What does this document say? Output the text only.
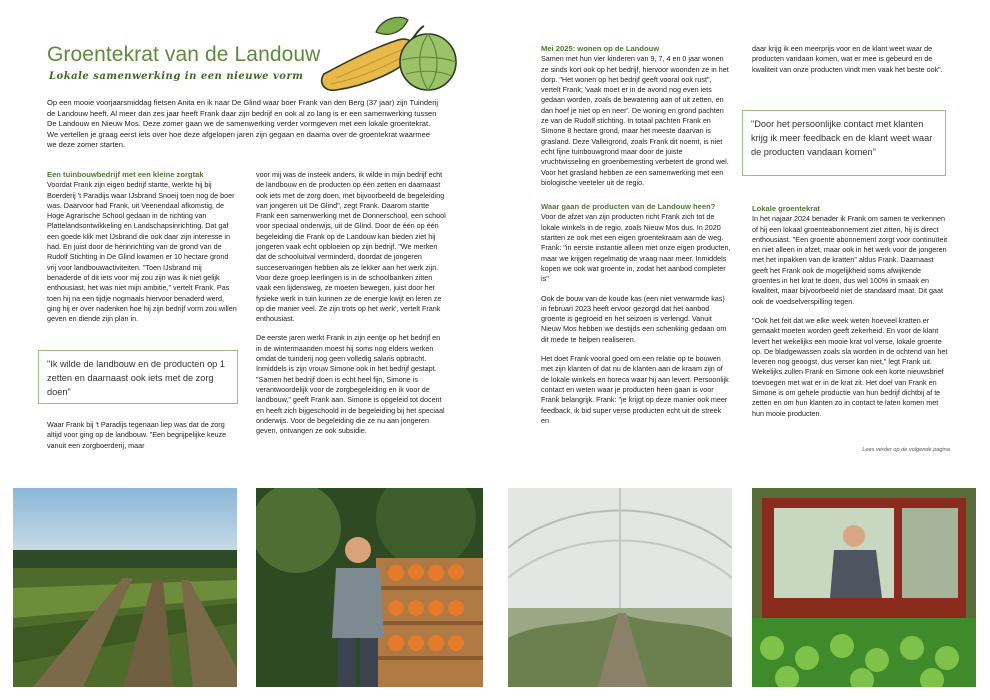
Groentekrat van de Landouw
Lokale samenwerking in een nieuwe vorm
Op een mooie voorjaarsmiddag fietsen Anita en ik naar De Glind waar boer Frank van den Berg (37 jaar) zijn Tuinderij de Landouw heeft. Al meer dan zes jaar heeft Frank daar zijn bedrijf en ook al zo lang is er een samenwerking tussen De Landouw en Nieuw Mos. Deze zomer gaan we de samenwerking verder vormgeven met een lokale groentekrat. We vertellen je graag eerst iets over hoe deze afgelopen jaren zijn gegaan en daarna over de groentekrat waarmee we deze zomer starten.
Een tuinbouwbedrijf met een kleine zorgtak

Voordat Frank zijn eigen bedrijf startte, werkte hij bij Boerderij 't Paradijs waar IJsbrand Snoeij toen nog de boer was. Daarvoor had Frank, uit Veenendaal afkomstig, de Hoge Agrarische School gedaan in de richting van Plattelandsontwikkeling en Landschapsinrichting. Dat gaf een goede klik met IJsbrand die ook daar zijn interesse in had. En juist door de herinrichting van de grond van de Rudolf Stichting in De Glind kwamen er 10 hectare grond vrij voor landbouwactiviteiten. "Toen IJsbrand mij benaderde of dit iets voor mij zou zijn was ik niet gelijk enthousiast, het was niet mijn ambitie," vertelt Frank. Pas toen hij na een tijdje nogmaals hiervoor benaderd werd, ging hij er over nadenken hoe hij zijn bedrijf vorm zou willen geven en diende zijn plan in.

"Ik wilde de landbouw en de producten op 1 zetten en daarnaast ook iets met de zorg doen"

Waar Frank bij 't Paradijs tegenaan liep was dat de zorg altijd voor ging op de landbouw. "Een begrijpelijke keuze vanuit een zorgboerderij, maar

voor mij was de insteek anders, ik wilde in mijn bedrijf echt de landbouw en de producten op één zetten en daarnaast ook iets met de zorg doen, met bijvoorbeeld de begeleiding van jongeren uit De Glind", zegt Frank. Daarom startte Frank een samenwerking met de Donnerschool, een school voor speciaal onderwijs, uit de Glind. Door de één op één begeleiding die Frank op de Landouw kan bieden ziet hij jongeren vaak echt opbloeien op zijn bedrijf. "We merken dat de schooluitval verminderd, doordat de jongeren succeservaringen hebben als ze lekker aan het werk zijn. Voor deze groep leerlingen is in de schoolbanken zitten vaak een lijdensweg, ze moeten bewegen, juist door het fysieke werk in tuin kunnen ze de energie kwijt en leren ze op die manier veel. Ze zijn trots op het werk', vertelt Frank enthousiast.

De eerste jaren werkt Frank in zijn eentje op het bedrijf en in de wintermaanden moest hij soms nog elders werken omdat de tuinderij nog geen volledig salaris opbracht. Inmiddels is zijn vrouw Simone ook in het bedrijf gestapt. "Samen het bedrijf doen is echt heel fijn, Simone is verantwoordelijk voor de zorgbegeleiding en ik voor de landbouw," geeft Frank aan. Simone is opgeleid tot docent en heeft zich bijgeschoold in de begeleiding bij het speciaal onderwijs. Voor de begeleiding die ze nu aan jongeren geven, ontvangen ze ook subsidie.

Mei 2025: wonen op de Landouw

Samen met hun vier kinderen van 9, 7, 4 en 0 jaar wonen ze sinds kort ook op het bedrijf, hiervoor woonden ze in het dorp. "Het wonen op het bedrijf geeft vooral ook rust", vertelt Frank; 'vaak moet er in de avond nog even iets gedaan worden, zoals de bewatering aan of uit zetten, en dan hoef je niet op en neer'. De woning en grond pachten ze van de Rudolf stichting. In totaal pachten Frank en Simone 8 hectare grond, maar het meeste daarvan is grasland. Deze Valleigrond, zoals Frank dit noemt, is niet echt fijne tuinbouwgrond maar door de juiste vruchtwisseling en groenbemesting verbetert de grond wel. Voor het grasland hebben ze een samenwerking met een biologische veeteler uit de regio.

Waar gaan de producten van de Landouw heen?

Voor de afzet van zijn producten richt Frank zich tot de lokale winkels in de regio, zoals Nieuw Mos dus. In 2020 startten ze ook met een eigen groentekraam aan de weg. Frank: "in eerste instantie alleen met onze eigen producten, maar we krijgen regelmatig de vraag naar meer. Inmiddels kopen we ook wat groente in, zodat het aanbod completer is"

Ook de bouw van de koude kas (een niet verwarmde kas) in februari 2023 heeft ervoor gezorgd dat het aanbod groente is gegroeid en het seizoen is verlengd. Vanuit Nieuw Mos hebben we destijds een schenking gedaan om dit mede te helpen realiseren.

Het doet Frank vooral goed om een relatie op te bouwen met zijn klanten of dat nu de klanten aan de kraam zijn of de lokale winkels en horeca waar hij aan levert. Persoonlijk contact en weten waar je producten heen gaan is voor Frank belangrijk. Frank: "je krijgt op deze manier ook meer feedback, ik bid super verse producten echt uit de streek en

daar krijg ik een meerprijs voor en de klant weet waar de producten vandaan komen, wat er mee is gebeurd en de kwaliteit van onze producten vindt men vaak het beste ook".

"Door het persoonlijke contact met klanten krijg ik meer feedback en de klant weet waar de producten vandaan komen"
Lokale groentekrat

In het najaar 2024 benader ik Frank om samen te verkennen of hij een lokaal groenteabonnement ziet zitten, hij is direct enthousiast. "Een groente abonnement zorgt voor continuïteit en niet alleen in afzet, maar ook in het werk voor de jongeren met het inpakken van de kratten" aldus Frank. Daarnaast geeft het Frank ook de mogelijkheid soms afwijkende groentes in het krat te doen, dus wel 100% in smaak en kwaliteit, maar bijvoorbeeld niet de standaard maat. Dit gaat ook de voedselverspilling tegen.

"Ook het feit dat we elke week weten hoeveel kratten er gemaakt moeten worden geeft zekerheid. En voor de klant levert het wekelijks een mooie krat vol verse, lokale groente op. De bladgewassen zoals sla worden in de ochtend van het leveren nog geoogst, dus verser kan niet," legt Frank uit. Wekelijks zullen Frank en Simone ook een korte nieuwsbrief toevoegen met wat er in de krat zit. Het doel van Frank en Simone is om gehele productie van hun bedrijf dichtbij af te zetten en om hun klanten zo in contact te laten komen met hun mooie producten.

Lees verder op de volgende pagina
